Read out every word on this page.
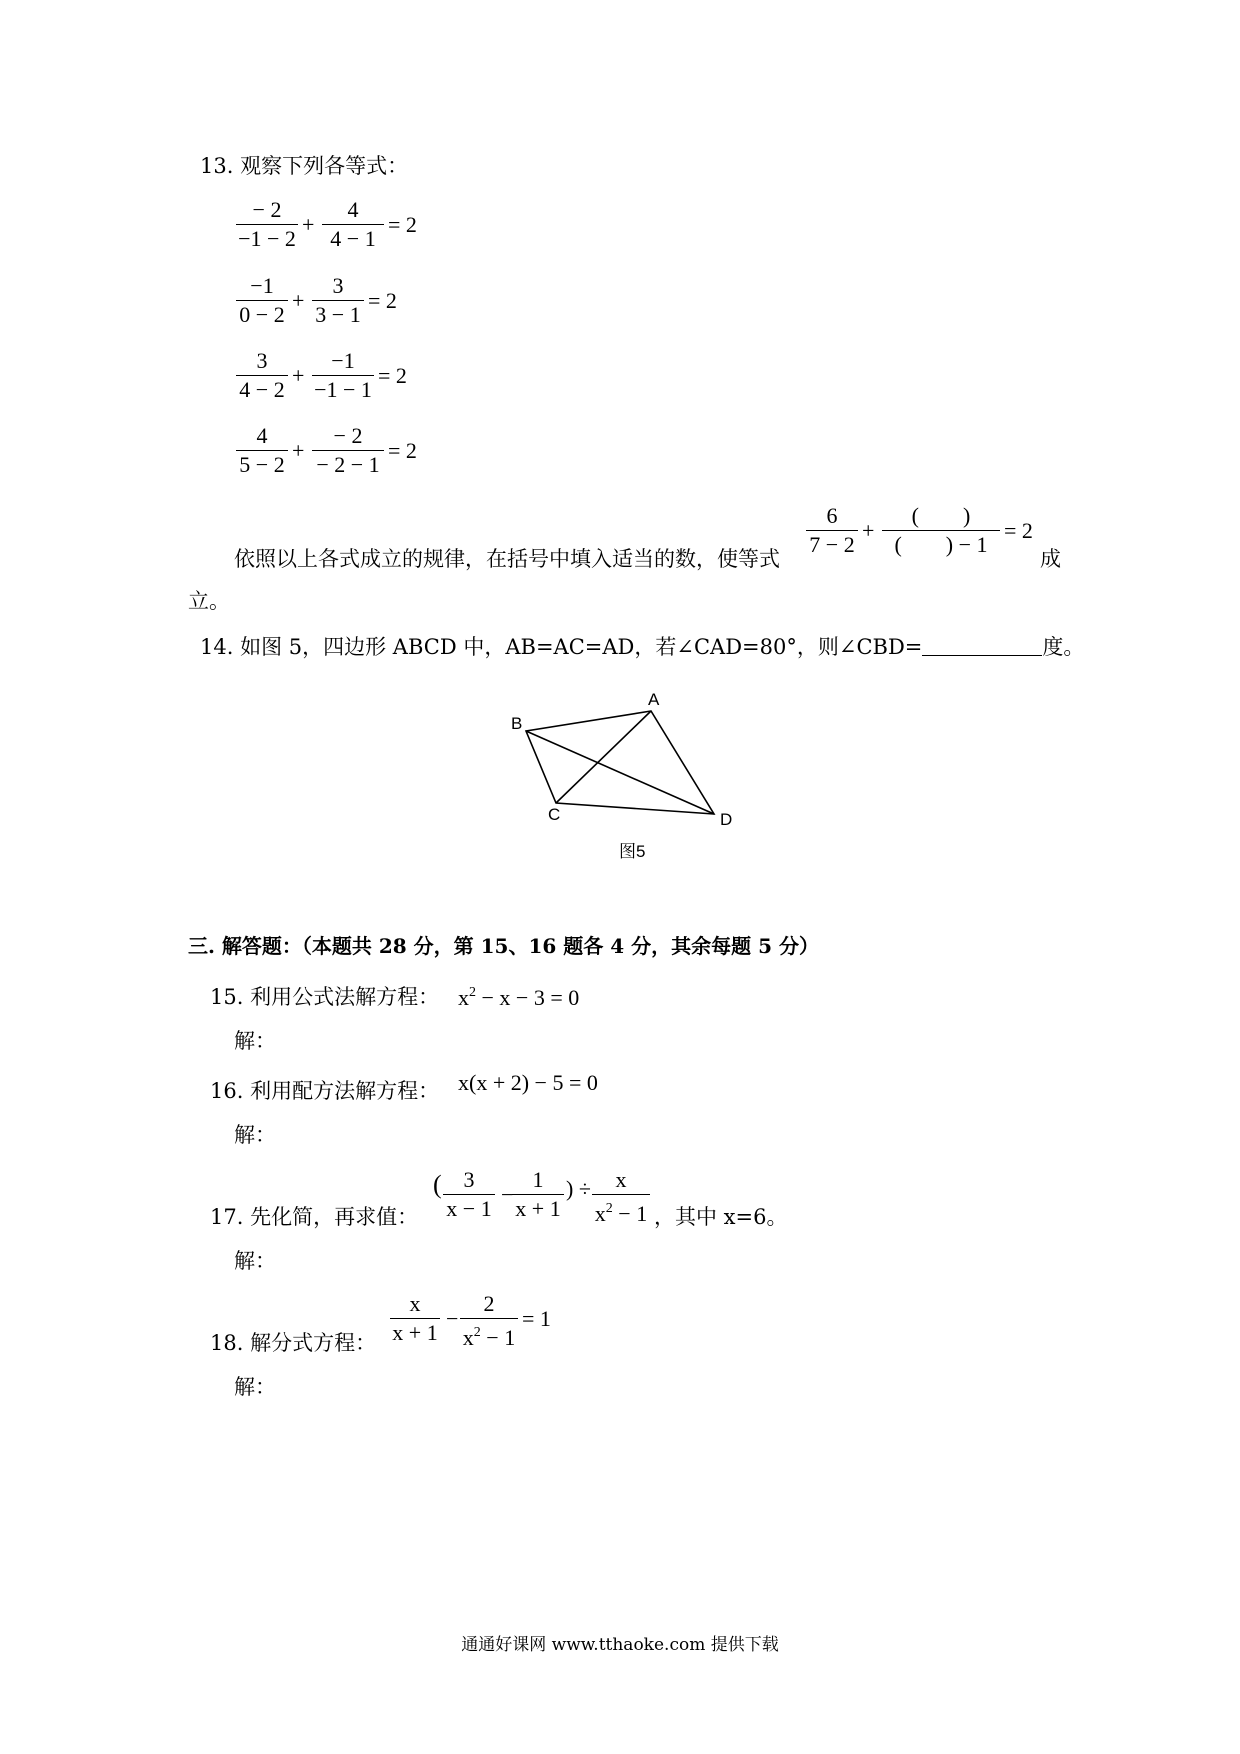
13. 观察下列各等式：
$\frac{- 2}{-1 - 2} + \frac{4}{4 - 1} = 2$
$\frac{-1}{0 - 2} + \frac{3}{3 - 1} = 2$
$\frac{3}{4 - 2} + \frac{-1}{-1 - 1} = 2$
$\frac{4}{5 - 2} + \frac{- 2}{- 2 - 1} = 2$
依照以上各式成立的规律，在括号中填入适当的数，使等式 $\frac{6}{7 - 2}$ +
(        )
(        ) − 1
= 2
成
立。
14. 如图 5，四边形 ABCD 中，AB=AC=AD，若∠CAD=80°，则∠CBD=	度。
A
B
C	D
图5
三. 解答题：（本题共 28 分，第 15、16 题各 4 分，其余每题 5 分）
15. 利用公式法解方程： $x^2 - x - 3 = 0$
解：
16. 利用配方法解方程： x(x + 2) − 5 = 0
解：
17. 先化简，再求值：
( $\frac{3}{x - 1}$ −
$\frac{1}{x + 1}$ ) ÷ $\frac{x}{x^2 - 1}$ ，其中 x=6。
解：
18. 解分式方程： $\frac{x}{x + 1} - \frac{2}{x^2 - 1} = 1$
解：
通通好课网 www.tthaoke.com 提供下载
